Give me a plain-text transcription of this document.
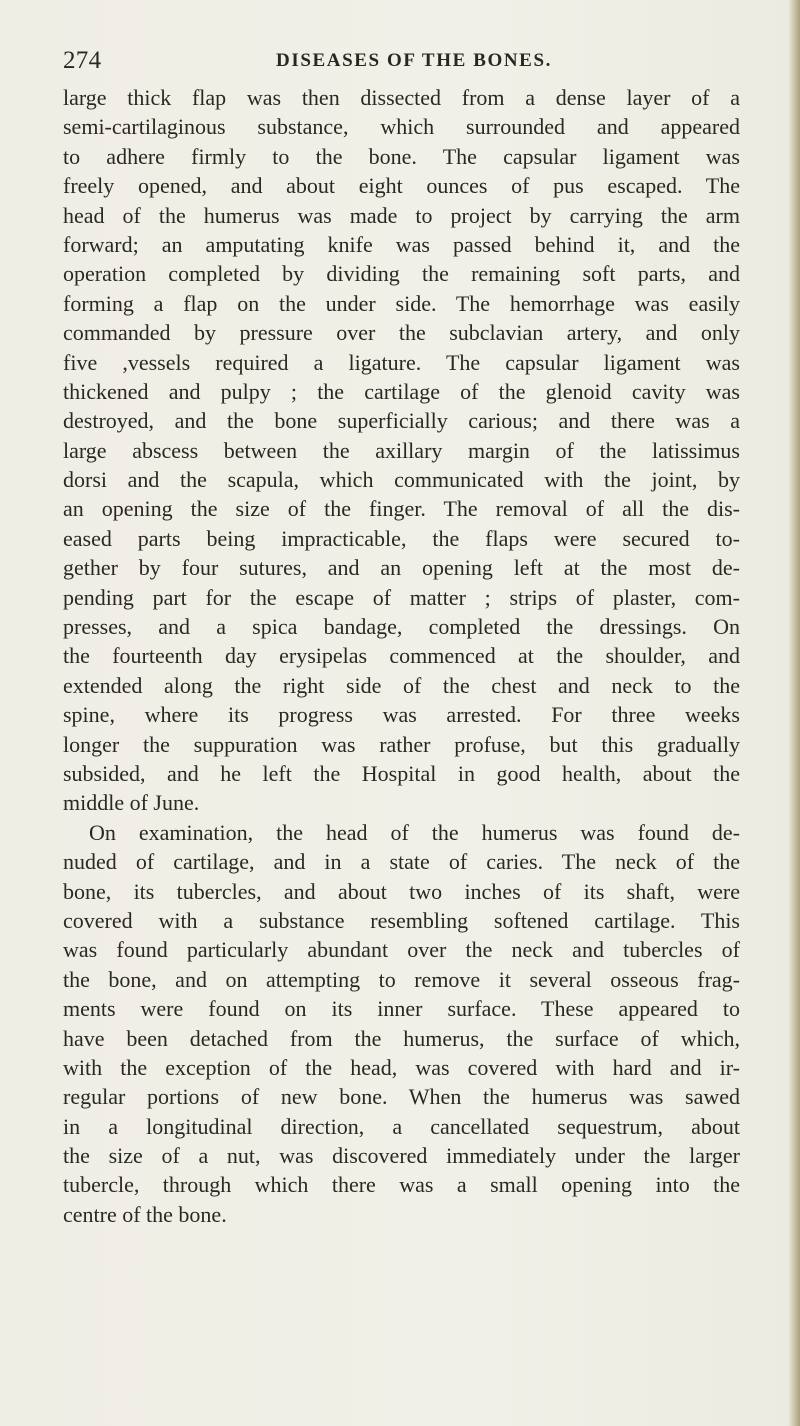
274	DISEASES OF THE BONES.
large thick flap was then dissected from a dense layer of a
semi-cartilaginous substance, which surrounded and appeared
to adhere firmly to the bone. The capsular ligament was
freely opened, and about eight ounces of pus escaped. The
head of the humerus was made to project by carrying the arm
forward; an amputating knife was passed behind it, and the
operation completed by dividing the remaining soft parts, and
forming a flap on the under side. The hemorrhage was easily
commanded by pressure over the subclavian artery, and only
five ,vessels required a ligature. The capsular ligament was
thickened and pulpy ; the cartilage of the glenoid cavity was
destroyed, and the bone superficially carious; and there was a
large abscess between the axillary margin of the latissimus
dorsi and the scapula, which communicated with the joint, by
an opening the size of the finger. The removal of all the dis-
eased parts being impracticable, the flaps were secured to-
gether by four sutures, and an opening left at the most de-
pending part for the escape of matter ; strips of plaster, com-
presses, and a spica bandage, completed the dressings. On
the fourteenth day erysipelas commenced at the shoulder, and
extended along the right side of the chest and neck to the
spine, where its progress was arrested. For three weeks
longer the suppuration was rather profuse, but this gradually
subsided, and he left the Hospital in good health, about the
middle of June.
On examination, the head of the humerus was found de-
nuded of cartilage, and in a state of caries. The neck of the
bone, its tubercles, and about two inches of its shaft, were
covered with a substance resembling softened cartilage. This
was found particularly abundant over the neck and tubercles of
the bone, and on attempting to remove it several osseous frag-
ments were found on its inner surface. These appeared to
have been detached from the humerus, the surface of which,
with the exception of the head, was covered with hard and ir-
regular portions of new bone. When the humerus was sawed
in a longitudinal direction, a cancellated sequestrum, about
the size of a nut, was discovered immediately under the larger
tubercle, through which there was a small opening into the
centre of the bone.
